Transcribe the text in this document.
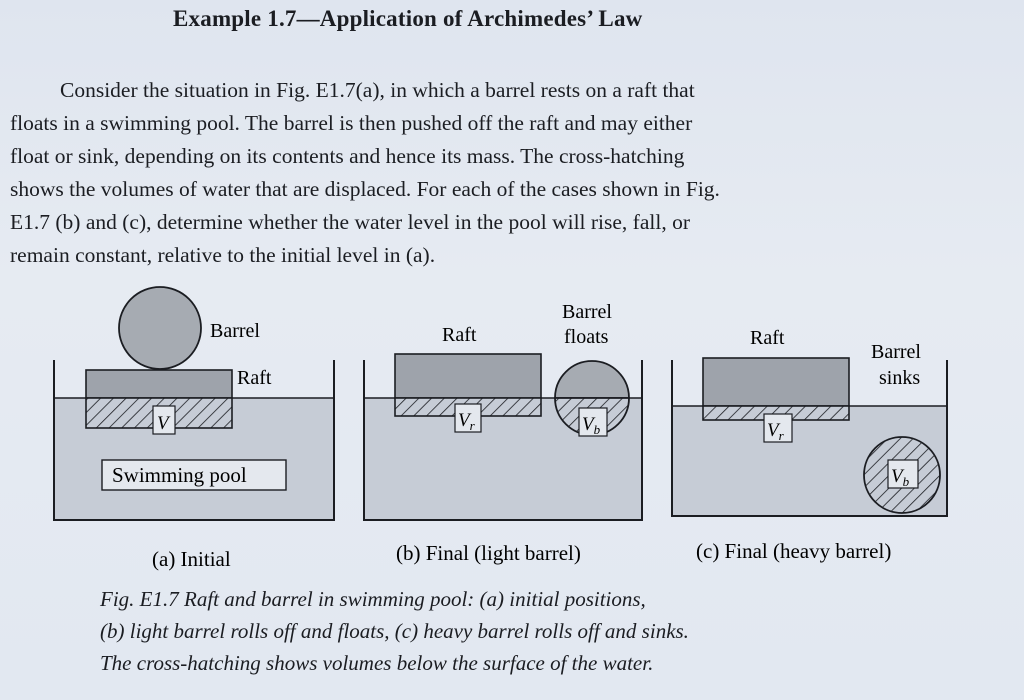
Example 1.7—Application of Archimedes’ Law

Consider the situation in Fig. E1.7(a), in which a barrel rests on a raft that
floats in a swimming pool. The barrel is then pushed off the raft and may either
float or sink, depending on its contents and hence its mass. The cross-hatching
shows the volumes of water that are displaced. For each of the cases shown in Fig.
E1.7 (b) and (c), determine whether the water level in the pool will rise, fall, or
remain constant, relative to the initial level in (a).

V
Barrel
Raft
Swimming pool
(a) Initial
$V_r$	$V_b$
Raft
Barrel
floats
(b) Final (light barrel)
$V_r$
$V_b$
Raft
Barrel
sinks
(c) Final (heavy barrel)

Fig. E1.7 Raft and barrel in swimming pool: (a) initial positions,
(b) light barrel rolls off and floats, (c) heavy barrel rolls off and sinks.
The cross-hatching shows volumes below the surface of the water.
